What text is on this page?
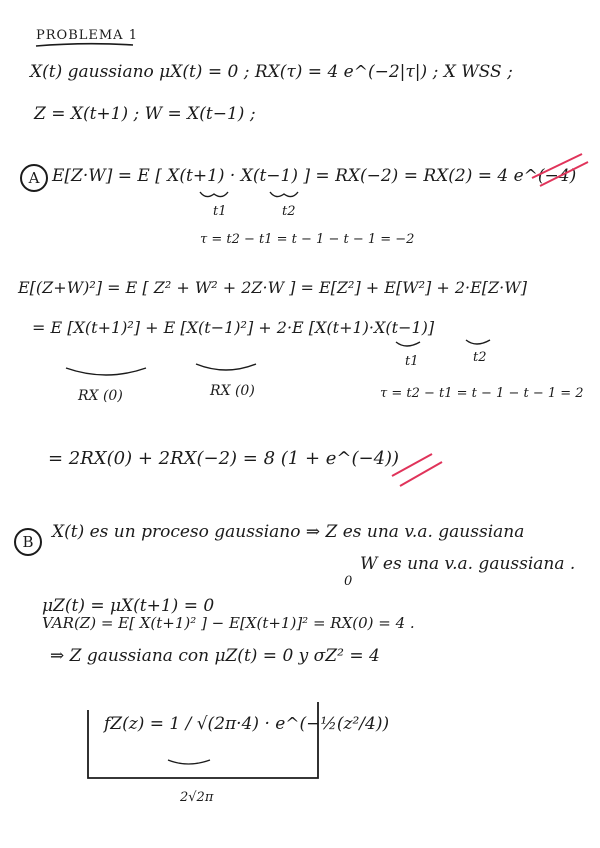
PROBLEMA 1
X(t) gaussiano μX(t) = 0 ; RX(τ) = 4 e^(−2|τ|) ; X WSS ;
Z = X(t+1) ; W = X(t−1) ;
A E[Z·W] = E [ X(t+1) · X(t−1) ] = RX(−2) = RX(2) = 4 e^(−4)
t1	t2
τ = t2 − t1 = t − 1 − t − 1 = −2
E[(Z+W)²] = E [ Z² + W² + 2Z·W ] = E[Z²] + E[W²] + 2·E[Z·W]
= E [X(t+1)²] + E [X(t−1)²] + 2·E [X(t+1)·X(t−1)]
RX (0)	RX (0)
t1	t2
τ = t2 − t1 = t − 1 − t − 1 = 2
= 2RX(0) + 2RX(−2) = 8 (1 + e^(−4))
B	X(t) es un proceso gaussiano ⇒ Z es una v.a. gaussiana
W es una v.a. gaussiana .
μZ(t) = μX(t+1) = 0
0
VAR(Z) = E[ X(t+1)² ] − E[X(t+1)]² = RX(0) = 4 .
⇒ Z gaussiana con μZ(t) = 0 y σZ² = 4
fZ(z) = 1 / √(2π·4) · e^(−½(z²/4))
2√2π
